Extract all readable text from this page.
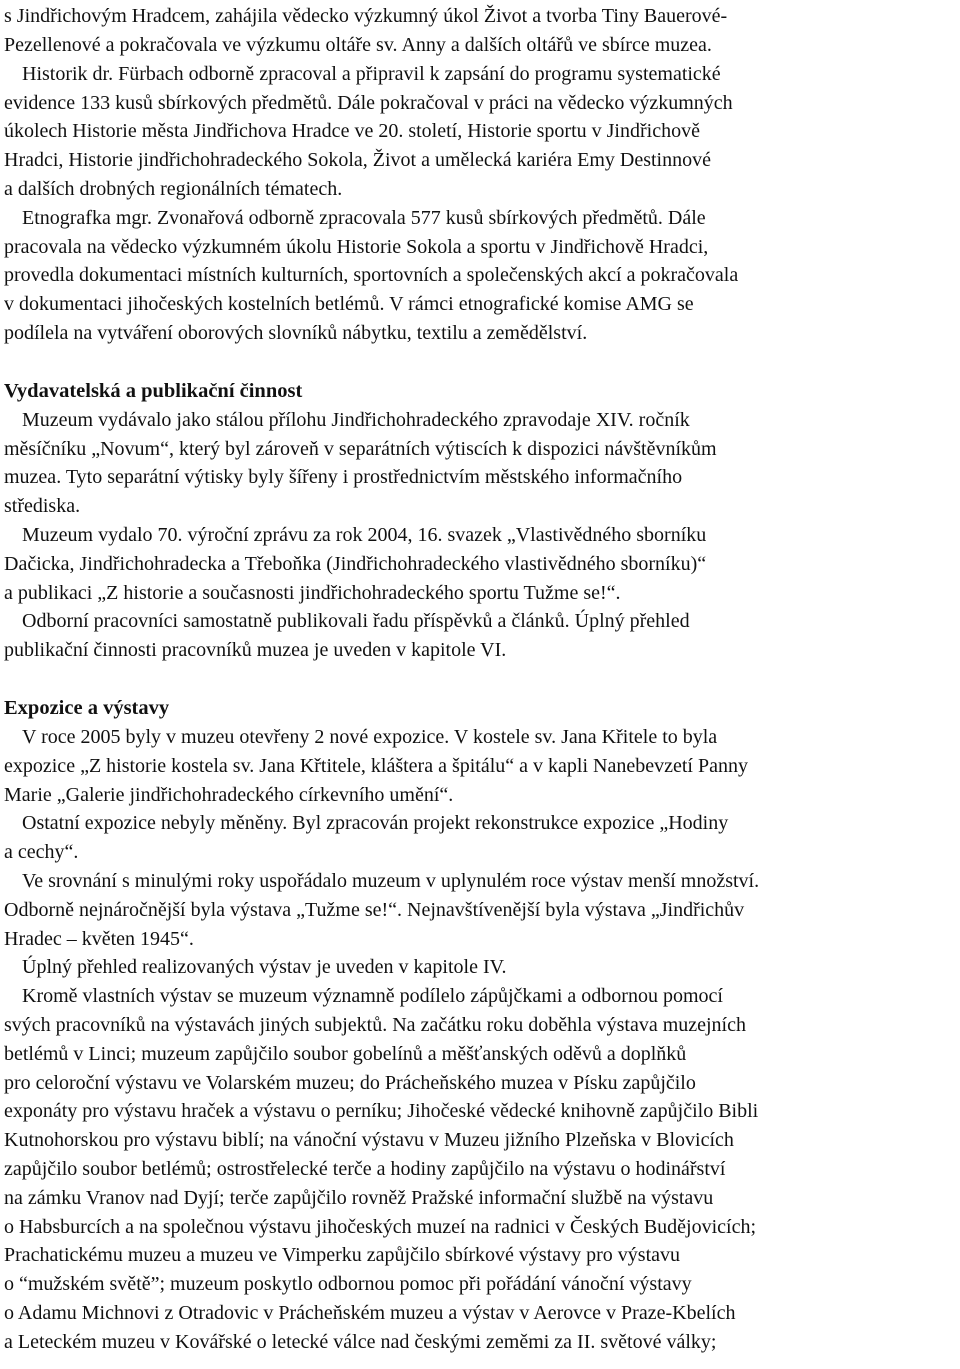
s Jindřichovým Hradcem, zahájila vědecko výzkumný úkol Život a tvorba Tiny Bauerové-
Pezellenové a pokračovala ve výzkumu oltáře sv. Anny a dalších oltářů ve sbírce muzea.
Historik dr. Fürbach odborně zpracoval a připravil k zapsání do programu systematické
evidence 133 kusů sbírkových předmětů. Dále pokračoval v práci na vědecko výzkumných
úkolech Historie města Jindřichova Hradce ve 20. století, Historie sportu v Jindřichově
Hradci, Historie jindřichohradeckého Sokola, Život a umělecká kariéra Emy Destinnové
a dalších drobných regionálních tématech.
Etnografka mgr. Zvonařová odborně zpracovala 577 kusů sbírkových předmětů. Dále
pracovala na vědecko výzkumném úkolu Historie Sokola a sportu v Jindřichově Hradci,
provedla dokumentaci místních kulturních, sportovních a společenských akcí a pokračovala
v dokumentaci jihočeských kostelních betlémů. V rámci etnografické komise AMG se
podílela na vytváření oborových slovníků nábytku, textilu a zemědělství.
Vydavatelská a publikační činnost
Muzeum vydávalo jako stálou přílohu Jindřichohradeckého zpravodaje XIV. ročník
měsíčníku „Novum“, který byl zároveň v separátních výtiscích k dispozici návštěvníkům
muzea. Tyto separátní výtisky byly šířeny i prostřednictvím městského informačního
střediska.
Muzeum vydalo 70. výroční zprávu za rok 2004, 16. svazek „Vlastivědného sborníku
Dačicka, Jindřichohradecka a Třeboňka (Jindřichohradeckého vlastivědného sborníku)“
a publikaci „Z historie a současnosti jindřichohradeckého sportu Tužme se!“.
Odborní pracovníci samostatně publikovali řadu příspěvků a článků. Úplný přehled
publikační činnosti pracovníků muzea je uveden v kapitole VI.
Expozice a výstavy
V roce 2005 byly v muzeu otevřeny 2 nové expozice. V kostele sv. Jana Křitele to byla
expozice „Z historie kostela sv. Jana Křtitele, kláštera a špitálu“ a v kapli Nanebevzetí Panny
Marie „Galerie jindřichohradeckého církevního umění“.
Ostatní expozice nebyly měněny. Byl zpracován projekt rekonstrukce expozice „Hodiny
a cechy“.
Ve srovnání s minulými roky uspořádalo muzeum v uplynulém roce výstav menší množství.
Odborně nejnáročnější byla výstava „Tužme se!“. Nejnavštívenější byla výstava „Jindřichův
Hradec – květen 1945“.
Úplný přehled realizovaných výstav je uveden v kapitole IV.
Kromě vlastních výstav se muzeum významně podílelo zápůjčkami a odbornou pomocí
svých pracovníků na výstavách jiných subjektů. Na začátku roku doběhla výstava muzejních
betlémů v Linci; muzeum zapůjčilo soubor gobelínů a měšťanských oděvů a doplňků
pro celoroční výstavu ve Volarském muzeu; do Prácheňského muzea v Písku zapůjčilo
exponáty pro výstavu hraček a výstavu o perníku; Jihočeské vědecké knihovně zapůjčilo Bibli
Kutnohorskou pro výstavu biblí; na vánoční výstavu v Muzeu jižního Plzeňska v Blovicích
zapůjčilo soubor betlémů; ostrostřelecké terče a hodiny zapůjčilo na výstavu o hodinářství
na zámku Vranov nad Dyjí; terče zapůjčilo rovněž Pražské informační službě na výstavu
o Habsburcích a na společnou výstavu jihočeských muzeí na radnici v Českých Budějovicích;
Prachatickému muzeu a muzeu ve Vimperku zapůjčilo sbírkové výstavy pro výstavu
o “mužském světě”; muzeum poskytlo odbornou pomoc při pořádání vánoční výstavy
o Adamu Michnovi z Otradovic v Prácheňském muzeu a výstav v Aerovce v Praze-Kbelích
a Leteckém muzeu v Kovářské o letecké válce nad českými zeměmi za II. světové války;
